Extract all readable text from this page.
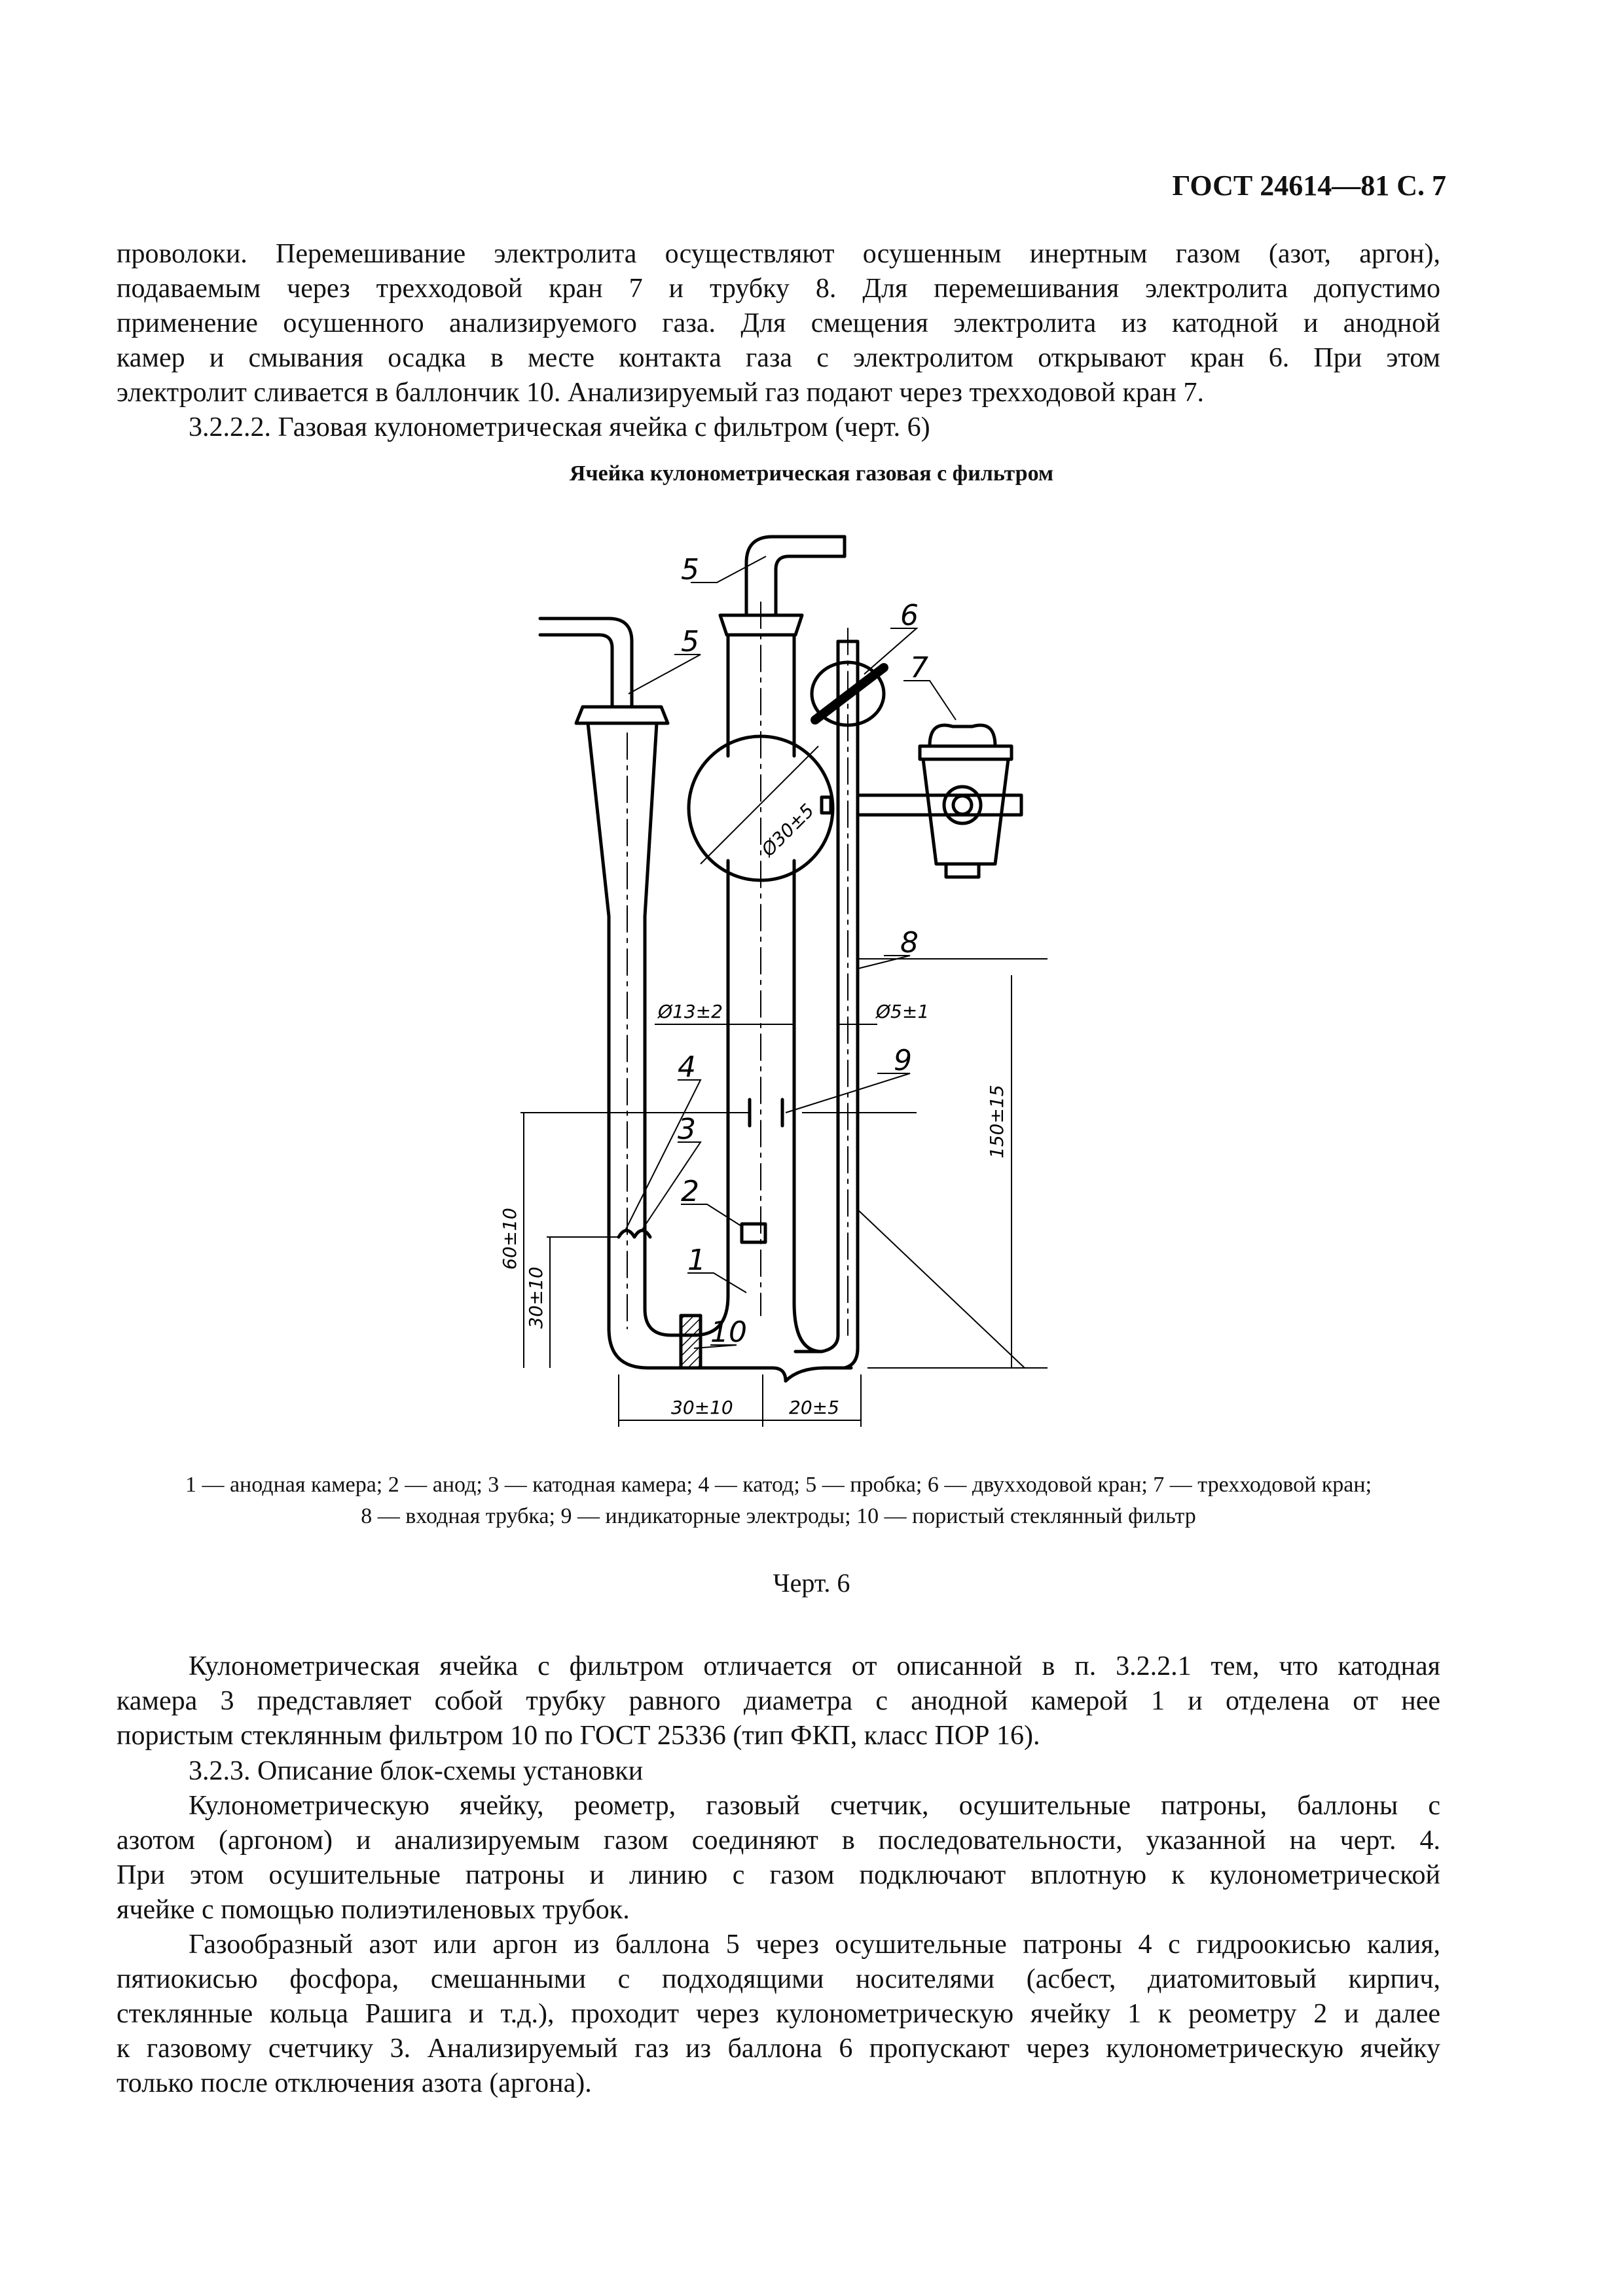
ГОСТ 24614—81 С. 7
проволоки. Перемешивание электролита осуществляют осушенным инертным газом (азот, аргон),
подаваемым через трехходовой кран 7 и трубку 8. Для перемешивания электролита допустимо
применение осушенного анализируемого газа. Для смещения электролита из катодной и анодной
камер и смывания осадка в месте контакта газа с электролитом открывают кран 6. При этом
электролит сливается в баллончик 10. Анализируемый газ подают через трехходовой кран 7.
3.2.2.2. Газовая кулонометрическая ячейка с фильтром (черт. 6)
Ячейка кулонометрическая газовая с фильтром
5
5
6
7
8
9
4
3
2
1
10
Ø13±2	Ø5±1
30±10	20±5
Ø30±5
150±15
60±10
30±10
1 — анодная камера; 2 — анод; 3 — катодная камера; 4 — катод; 5 — пробка; 6 — двухходовой кран; 7 — трехходовой кран;
8 — входная трубка; 9 — индикаторные электроды; 10 — пористый стеклянный фильтр
Черт. 6
Кулонометрическая ячейка с фильтром отличается от описанной в п. 3.2.2.1 тем, что катодная
камера 3 представляет собой трубку равного диаметра с анодной камерой 1 и отделена от нее
пористым стеклянным фильтром 10 по ГОСТ 25336 (тип ФКП, класс ПОР 16).
3.2.3. Описание блок-схемы установки
Кулонометрическую ячейку, реометр, газовый счетчик, осушительные патроны, баллоны с
азотом (аргоном) и анализируемым газом соединяют в последовательности, указанной на черт. 4.
При этом осушительные патроны и линию с газом подключают вплотную к кулонометрической
ячейке с помощью полиэтиленовых трубок.
Газообразный азот или аргон из баллона 5 через осушительные патроны 4 с гидроокисью калия,
пятиокисью фосфора, смешанными с подходящими носителями (асбест, диатомитовый кирпич,
стеклянные кольца Рашига и т.д.), проходит через кулонометрическую ячейку 1 к реометру 2 и далее
к газовому счетчику 3. Анализируемый газ из баллона 6 пропускают через кулонометрическую ячейку
только после отключения азота (аргона).
